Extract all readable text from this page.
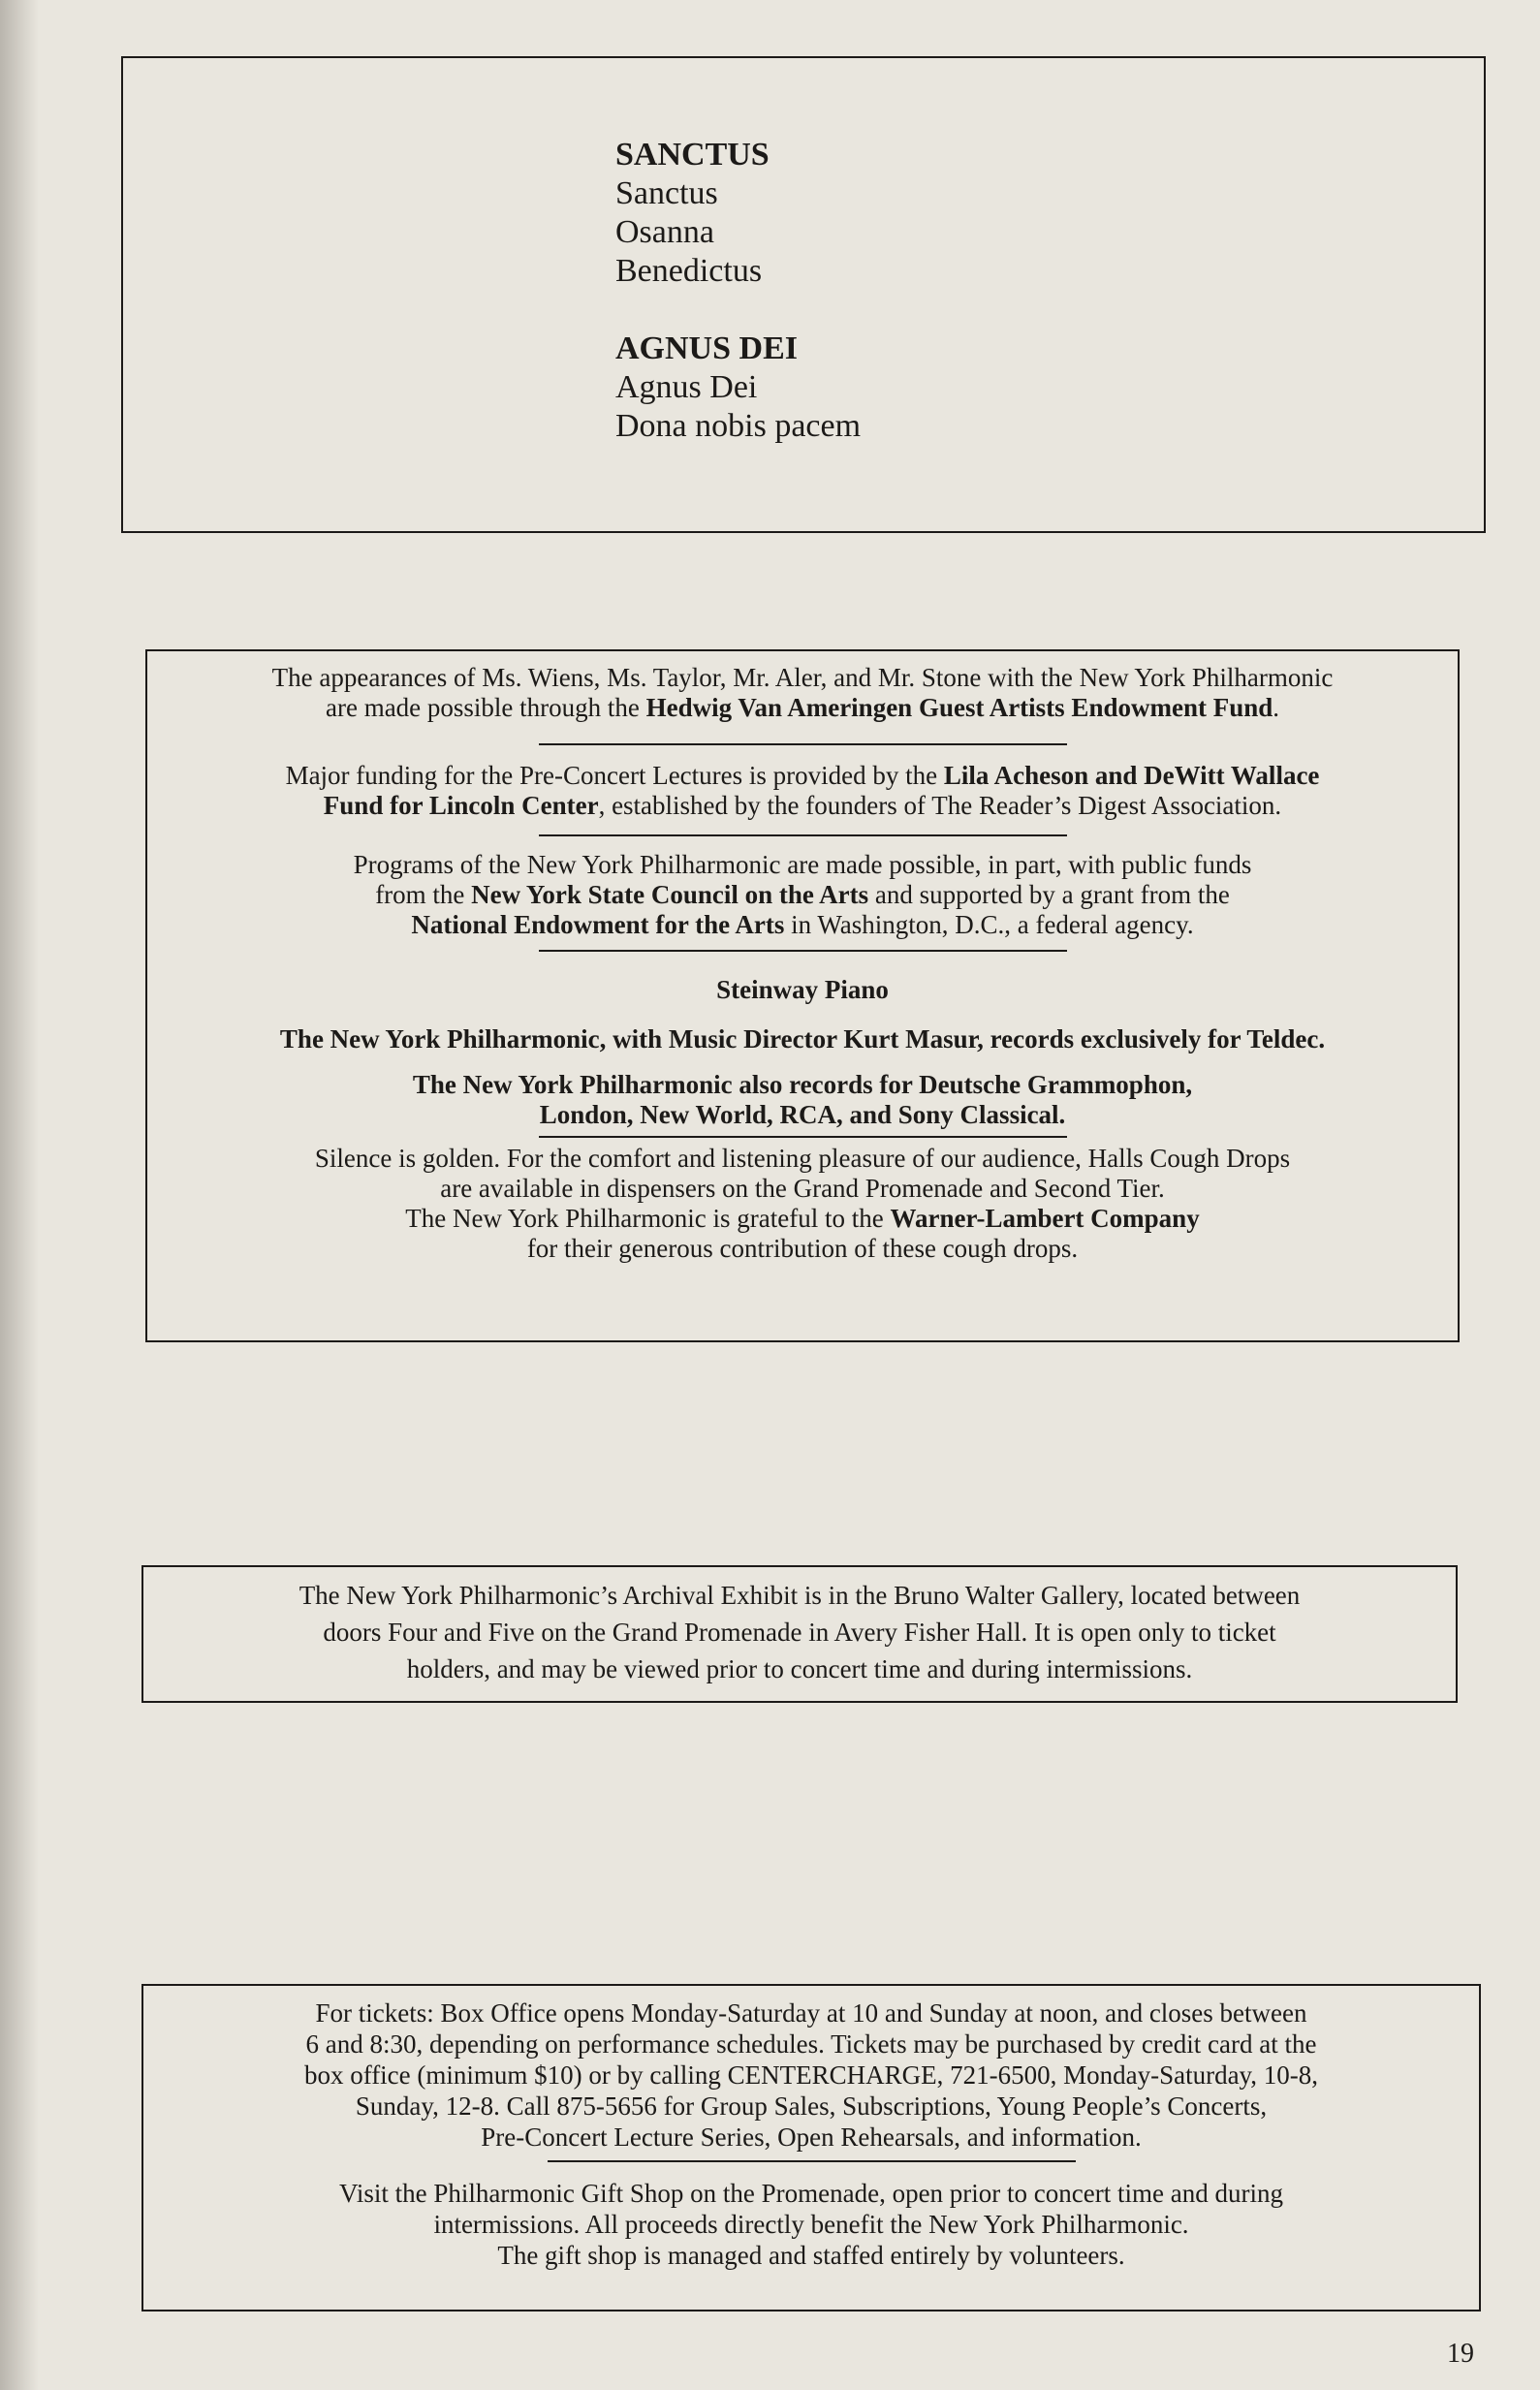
SANCTUS
Sanctus
Osanna
Benedictus
AGNUS DEI
Agnus Dei
Dona nobis pacem
The appearances of Ms. Wiens, Ms. Taylor, Mr. Aler, and Mr. Stone with the New York Philharmonic
are made possible through the Hedwig Van Ameringen Guest Artists Endowment Fund.
Major funding for the Pre-Concert Lectures is provided by the Lila Acheson and DeWitt Wallace
Fund for Lincoln Center, established by the founders of The Reader’s Digest Association.
Programs of the New York Philharmonic are made possible, in part, with public funds
from the New York State Council on the Arts and supported by a grant from the
National Endowment for the Arts in Washington, D.C., a federal agency.
Steinway Piano
The New York Philharmonic, with Music Director Kurt Masur, records exclusively for Teldec.
The New York Philharmonic also records for Deutsche Grammophon,
London, New World, RCA, and Sony Classical.
Silence is golden. For the comfort and listening pleasure of our audience, Halls Cough Drops
are available in dispensers on the Grand Promenade and Second Tier.
The New York Philharmonic is grateful to the Warner-Lambert Company
for their generous contribution of these cough drops.
The New York Philharmonic’s Archival Exhibit is in the Bruno Walter Gallery, located between
doors Four and Five on the Grand Promenade in Avery Fisher Hall. It is open only to ticket
holders, and may be viewed prior to concert time and during intermissions.
For tickets: Box Office opens Monday-Saturday at 10 and Sunday at noon, and closes between
6 and 8:30, depending on performance schedules. Tickets may be purchased by credit card at the
box office (minimum $10) or by calling CENTERCHARGE, 721-6500, Monday-Saturday, 10-8,
Sunday, 12-8. Call 875-5656 for Group Sales, Subscriptions, Young People’s Concerts,
Pre-Concert Lecture Series, Open Rehearsals, and information.
Visit the Philharmonic Gift Shop on the Promenade, open prior to concert time and during
intermissions. All proceeds directly benefit the New York Philharmonic.
The gift shop is managed and staffed entirely by volunteers.
19
